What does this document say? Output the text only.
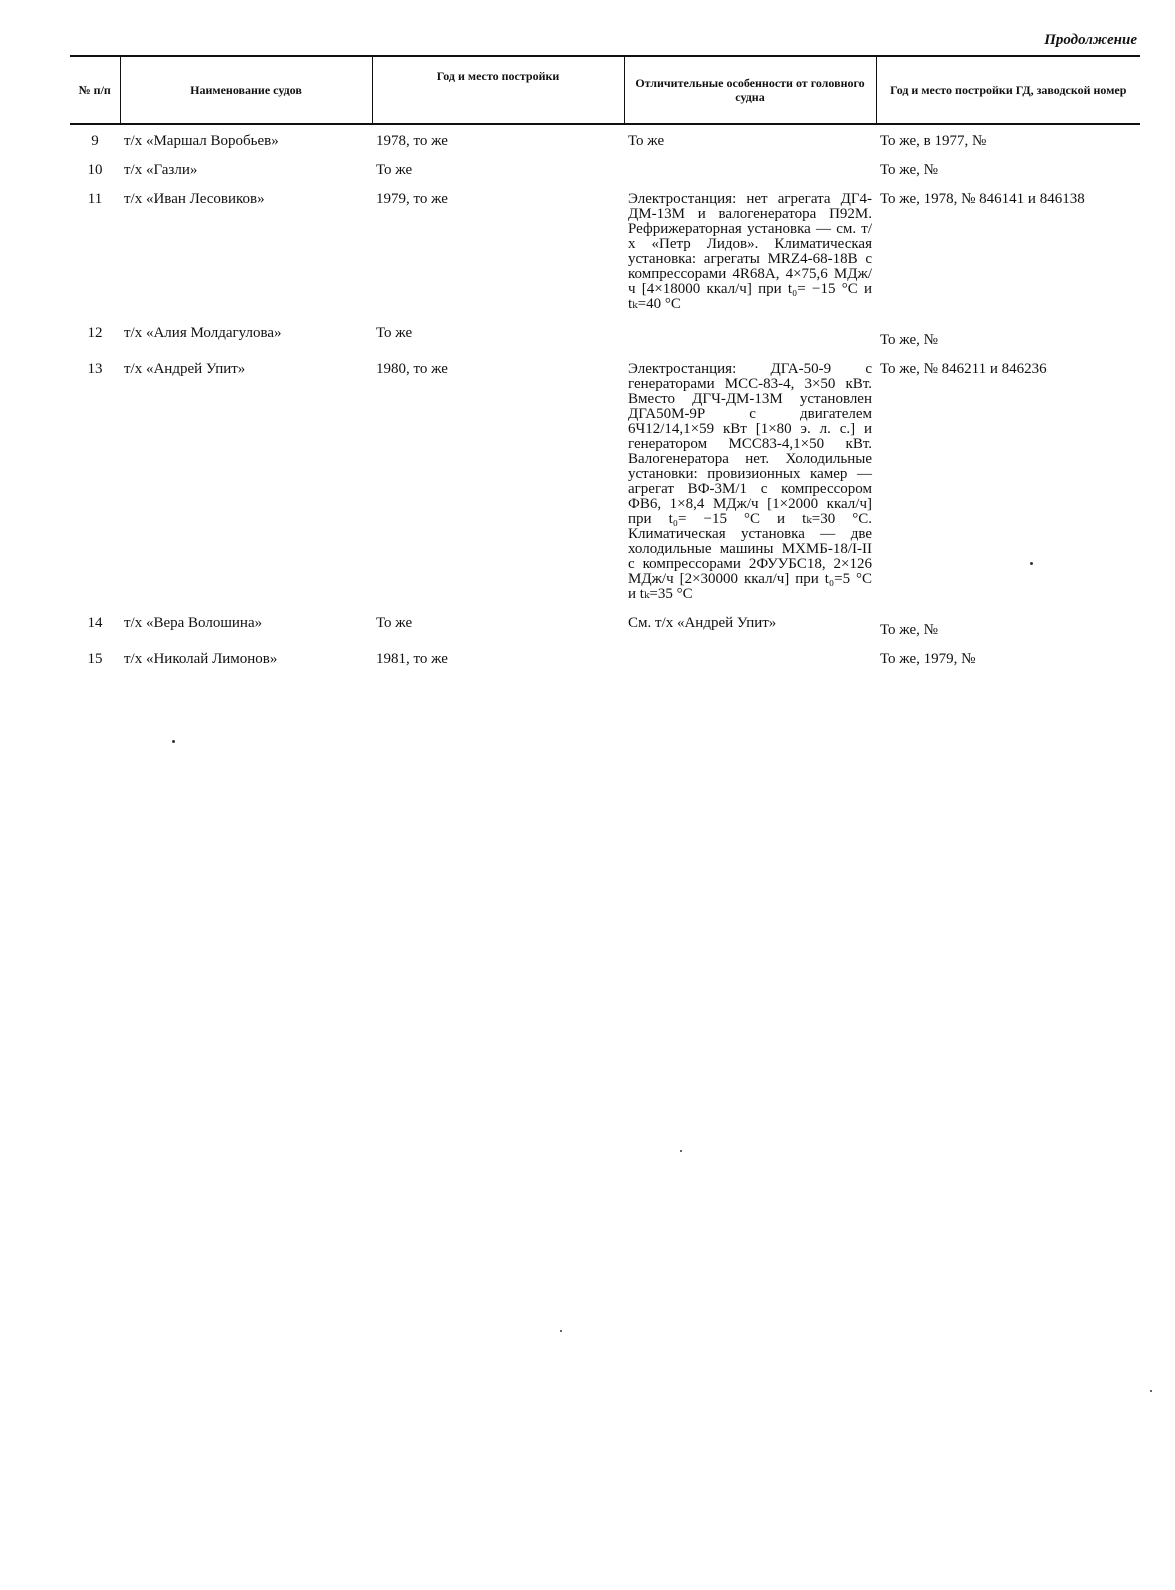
Продолжение
№ п/п	Наименование судов	Год и место постройки	Отличительные особенности от головного судна	Год и место постройки ГД, заводской номер
9	т/х «Маршал Воробьев»	1978, то же	То же	То же, в 1977, №
10	т/х «Газли»	То же		То же, №
11	т/х «Иван Лесовиков»	1979, то же	Электростанция: нет агрегата ДГ4-ДМ-13М и валогенератора П92М. Рефрижераторная установка — см. т/х «Петр Лидов». Климатическая установка: агрегаты MRZ4-68-18B с компрессорами 4R68A, 4×75,6 МДж/ч [4×18000 ккал/ч] при t₀= −15 °C и tₖ=40 °C	То же, 1978, № 846141 и 846138
12	т/х «Алия Молдагулова»	То же		То же, №
13	т/х «Андрей Упит»	1980, то же	Электростанция: ДГА-50-9 с генераторами МСС-83-4, 3×50 кВт. Вместо ДГЧ-ДМ-13М установлен ДГА50М-9Р с двигателем 6Ч12/14,1×59 кВт [1×80 э. л. с.] и генератором МСС83-4,1×50 кВт. Валогенератора нет. Холодильные установки: провизионных камер — агрегат ВФ-3М/1 с компрессором ФВ6, 1×8,4 МДж/ч [1×2000 ккал/ч] при t₀= −15 °C и tₖ=30 °C. Климатическая установка — две холодильные машины МХМБ-18/I-II с компрессорами 2ФУУБС18, 2×126 МДж/ч [2×30000 ккал/ч] при t₀=5 °C и tₖ=35 °C	То же, № 846211 и 846236
14	т/х «Вера Волошина»	То же	См. т/х «Андрей Упит»	То же, №
15	т/х «Николай Лимонов»	1981, то же		То же, 1979, №
